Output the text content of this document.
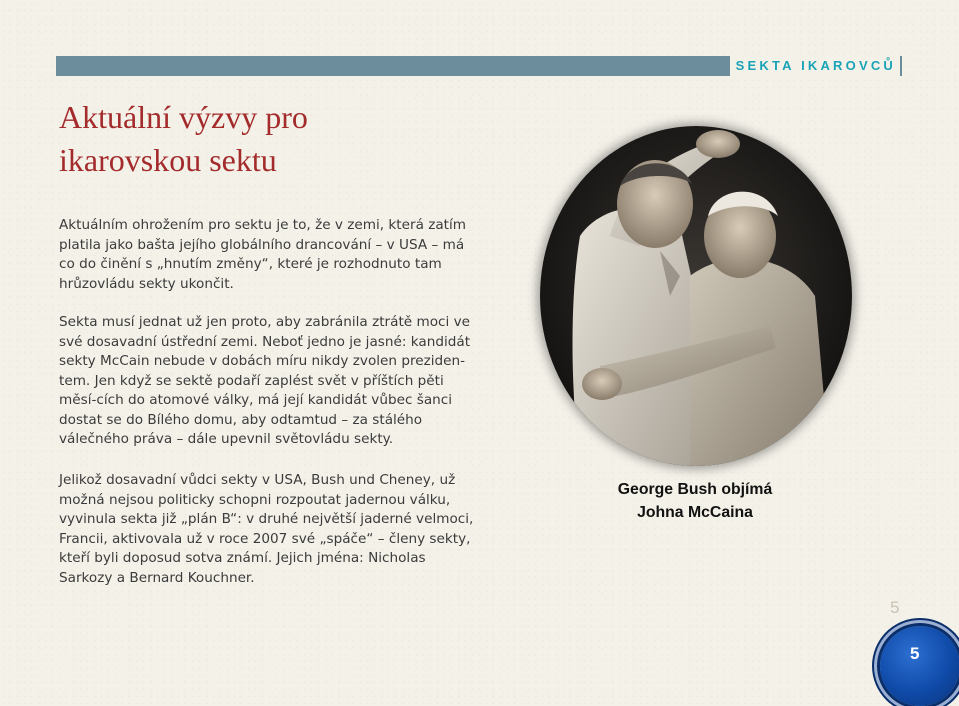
SEKTA IKAROVCŮ
Aktuální výzvy pro
ikarovskou sektu

Aktuálním ohrožením pro sektu je to, že v zemi, která zatím platila jako bašta jejího globálního drancování – v USA – má co do činění s „hnutím změny“, které je rozhodnuto tam hrůzovládu sekty ukončit.

Sekta musí jednat už jen proto, aby zabránila ztrátě moci ve své dosavadní ústřední zemi. Neboť jedno je jasné: kandidát sekty McCain nebude v dobách míru nikdy zvolen preziden-tem. Jen když se sektě podaří zaplést svět v příštích pěti měsí-cích do atomové války, má její kandidát vůbec šanci dostat se do Bílého domu, aby odtamtud – za stálého válečného práva – dále upevnil světovládu sekty.

Jelikož dosavadní vůdci sekty v USA, Bush und Cheney, už možná nejsou politicky schopni rozpoutat jadernou válku, vyvinula sekta již „plán B“: v druhé největší jaderné velmoci, Francii, aktivovala už v roce 2007 své „spáče“ – členy sekty, kteří byli doposud sotva známí. Jejich jména: Nicholas Sarkozy a Bernard Kouchner.

George Bush objímá
Johna McCaina

5
5
